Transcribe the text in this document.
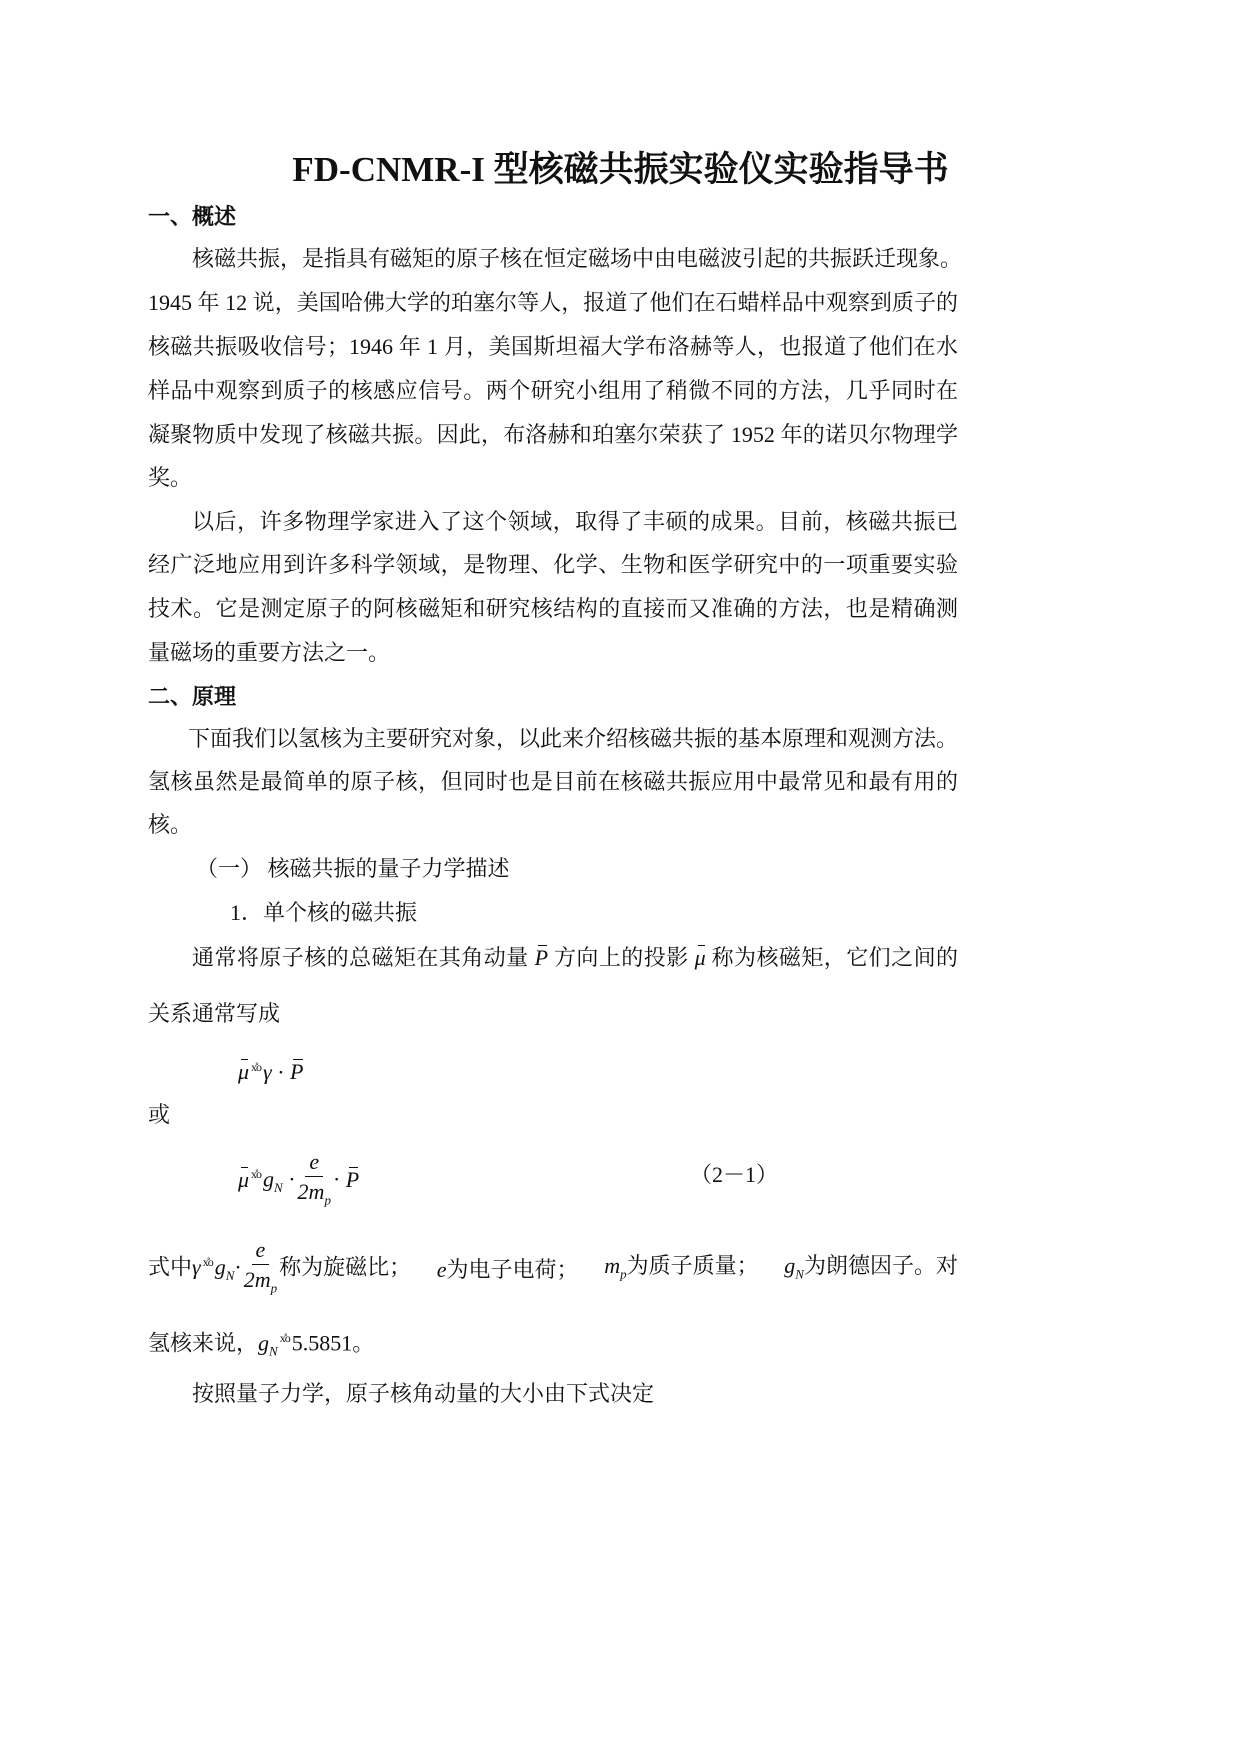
FD-CNMR-I 型核磁共振实验仪实验指导书
一、概述
核磁共振，是指具有磁矩的原子核在恒定磁场中由电磁波引起的共振跃迁现象。
1945 年 12 说，美国哈佛大学的珀塞尔等人，报道了他们在石蜡样品中观察到质子的
核磁共振吸收信号；1946 年 1 月，美国斯坦福大学布洛赫等人，也报道了他们在水
样品中观察到质子的核感应信号。两个研究小组用了稍微不同的方法，几乎同时在
凝聚物质中发现了核磁共振。因此，布洛赫和珀塞尔荣获了 1952 年的诺贝尔物理学
奖。
以后，许多物理学家进入了这个领域，取得了丰硕的成果。目前，核磁共振已
经广泛地应用到许多科学领域，是物理、化学、生物和医学研究中的一项重要实验
技术。它是测定原子的阿核磁矩和研究核结构的直接而又准确的方法，也是精确测
量磁场的重要方法之一。
二、原理
下面我们以氢核为主要研究对象，以此来介绍核磁共振的基本原理和观测方法。
氢核虽然是最简单的原子核，但同时也是目前在核磁共振应用中最常见和最有用的
核。
（一） 核磁共振的量子力学描述
1．单个核的磁共振
通常将原子核的总磁矩在其角动量 P 方向上的投影 μ 称为核磁矩，它们之间的
关系通常写成
μ $^{x̊o}$γ · P
或
μ $^{x̊o}g_N \cdot \frac{e}{2m_p} \cdot P$	（2－1）
式中γ $^{x̊o}g_N\cdot \frac{e}{2m_p}$ 称为旋磁比； e为电子电荷； $m_p$为质子质量； $g_N$为朗德因子。对
氢核来说，$g_N^{x̊o}5.5851$。
按照量子力学，原子核角动量的大小由下式决定
